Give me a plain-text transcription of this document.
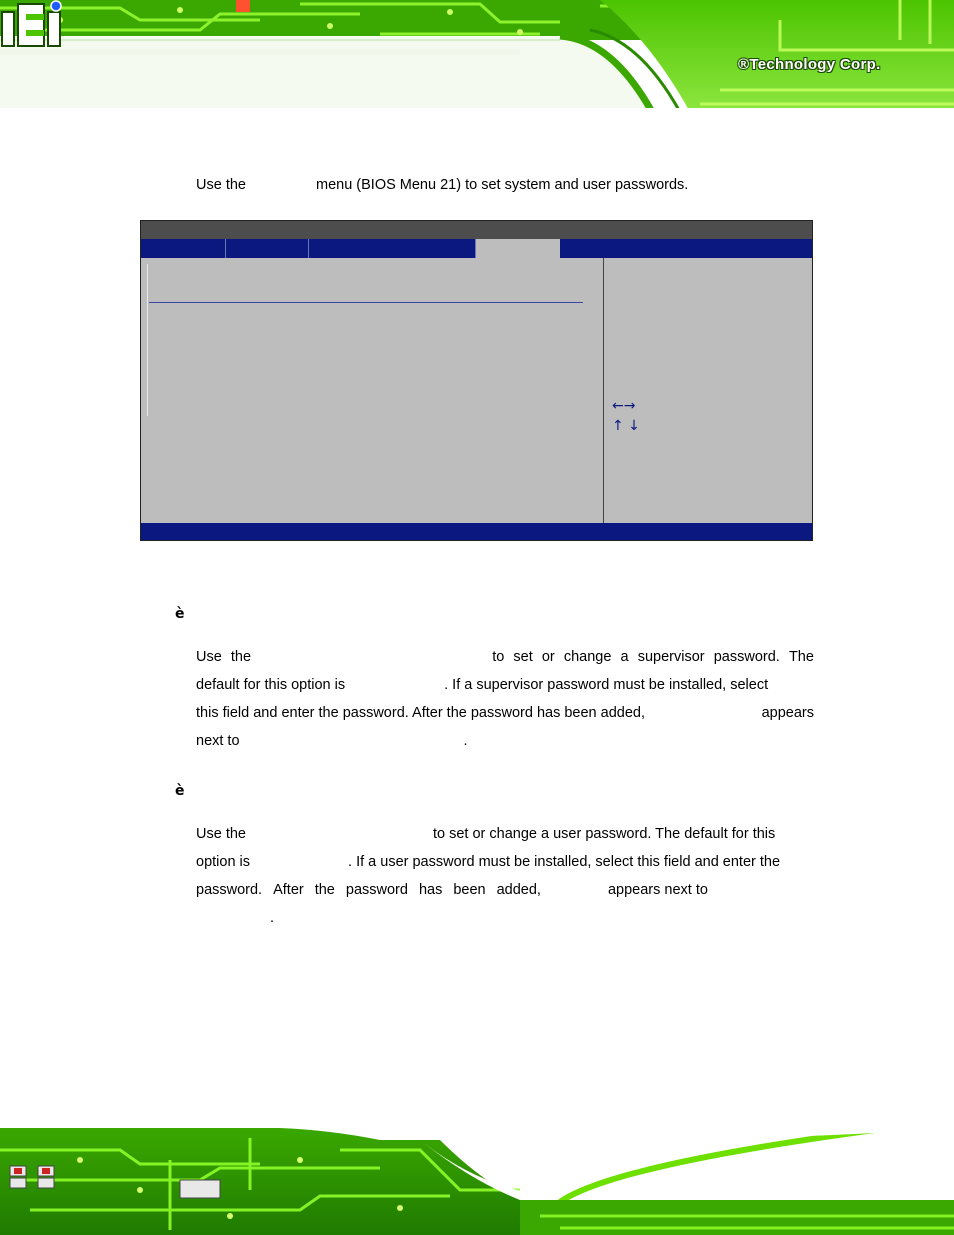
®Technology Corp.
Use the	menu (BIOS Menu 21) to set system and user passwords.
←→
↑ ↓
è
Use the	to set or change a supervisor password. The
default for this option is	. If a supervisor password must be installed, select
this field and enter the password. After the password has been added,	appears
next to	.
è
Use the	to set or change a user password. The default for this
option is	. If a user password must be installed, select this field and enter the
password. After the password has been added,	appears next to
.
